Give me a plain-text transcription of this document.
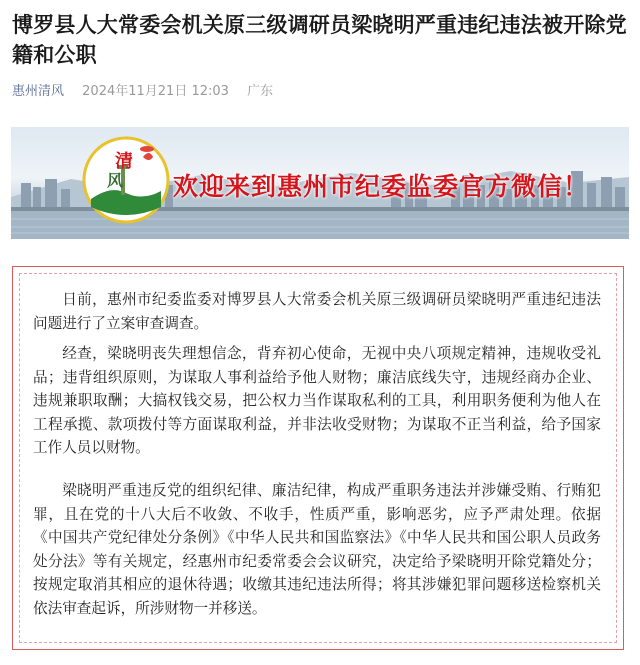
博罗县人大常委会机关原三级调研员梁晓明严重违纪违法被开除党籍和公职
惠州清风 2024年11月21日 12:03 广东
清
风 欢迎来到惠州市纪委监委官方微信！

日前，惠州市纪委监委对博罗县人大常委会机关原三级调研员梁晓明严重违纪违法问题进行了立案审查调查。

经查，梁晓明丧失理想信念，背弃初心使命，无视中央八项规定精神，违规收受礼品；违背组织原则，为谋取人事利益给予他人财物；廉洁底线失守，违规经商办企业、违规兼职取酬；大搞权钱交易，把公权力当作谋取私利的工具，利用职务便利为他人在工程承揽、款项拨付等方面谋取利益，并非法收受财物；为谋取不正当利益，给予国家工作人员以财物。

梁晓明严重违反党的组织纪律、廉洁纪律，构成严重职务违法并涉嫌受贿、行贿犯罪，且在党的十八大后不收敛、不收手，性质严重，影响恶劣，应予严肃处理。依据《中国共产党纪律处分条例》《中华人民共和国监察法》《中华人民共和国公职人员政务处分法》等有关规定，经惠州市纪委常委会会议研究，决定给予梁晓明开除党籍处分；按规定取消其相应的退休待遇；收缴其违纪违法所得；将其涉嫌犯罪问题移送检察机关依法审查起诉，所涉财物一并移送。
